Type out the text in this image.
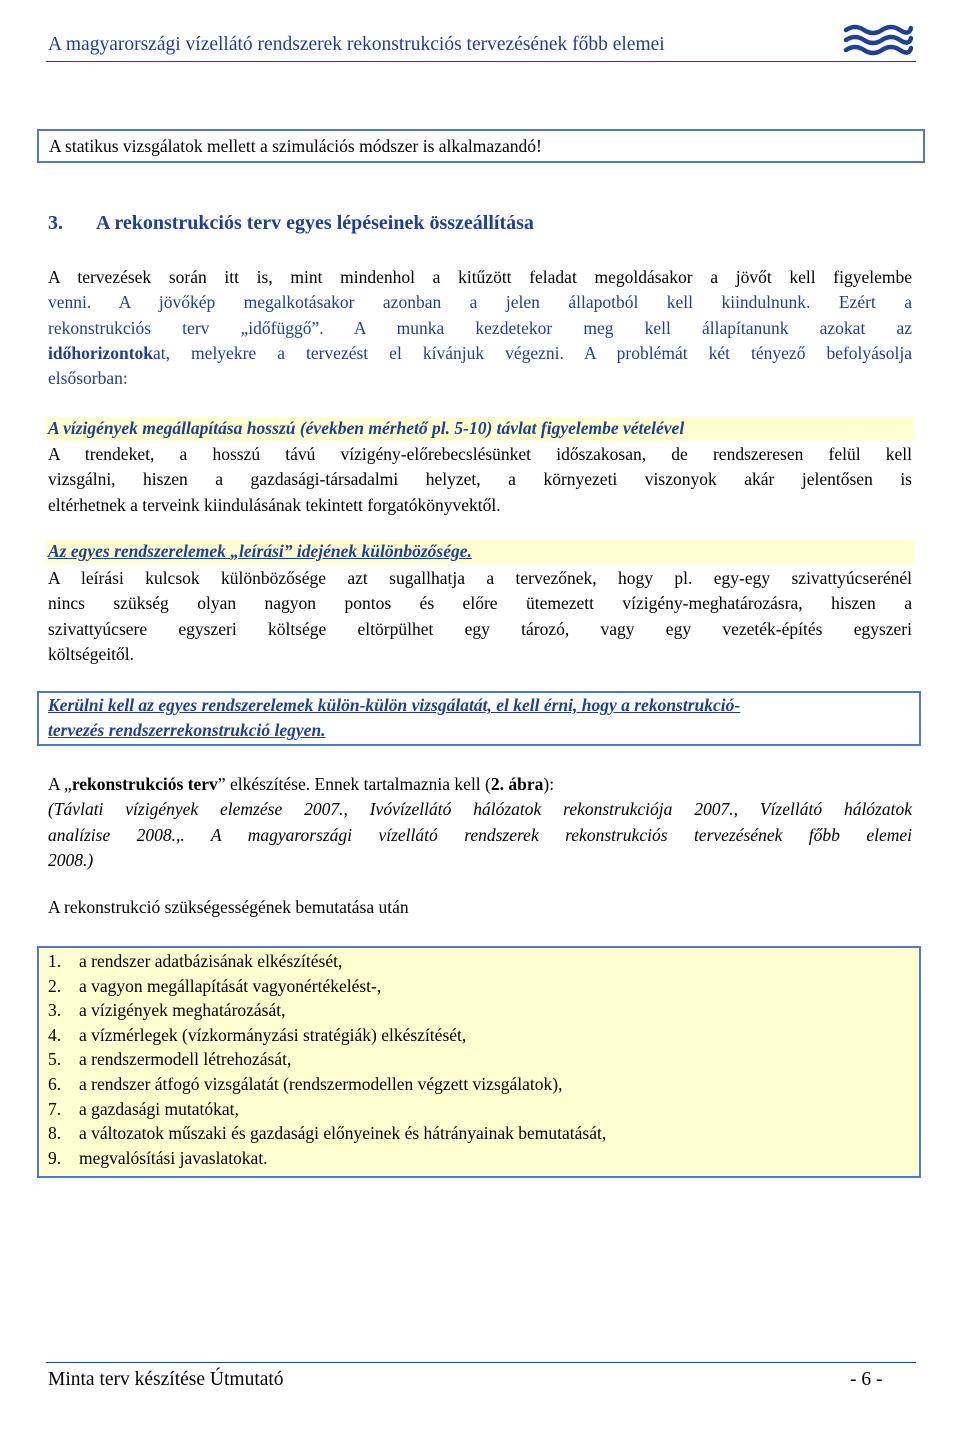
A magyarországi vízellátó rendszerek rekonstrukciós tervezésének főbb elemei
A statikus vizsgálatok mellett a szimulációs módszer is alkalmazandó!
3. A rekonstrukciós terv egyes lépéseinek összeállítása
A tervezések során itt is, mint mindenhol a kitűzött feladat megoldásakor a jövőt kell figyelembe
venni. A jövőkép megalkotásakor azonban a jelen állapotból kell kiindulnunk. Ezért a
rekonstrukciós terv „időfüggő”. A munka kezdetekor meg kell állapítanunk azokat az
időhorizontokat, melyekre a tervezést el kívánjuk végezni. A problémát két tényező befolyásolja
elsősorban:
A vízigények megállapítása hosszú (években mérhető pl. 5-10) távlat figyelembe vételével
A trendeket, a hosszú távú vízigény-előrebecslésünket időszakosan, de rendszeresen felül kell
vizsgálni, hiszen a gazdasági-társadalmi helyzet, a környezeti viszonyok akár jelentősen is
eltérhetnek a terveink kiindulásának tekintett forgatókönyvektől.
Az egyes rendszerelemek „leírási” idejének különbözősége.
A leírási kulcsok különbözősége azt sugallhatja a tervezőnek, hogy pl. egy-egy szivattyúcserénél
nincs szükség olyan nagyon pontos és előre ütemezett vízigény-meghatározásra, hiszen a
szivattyúcsere egyszeri költsége eltörpülhet egy tározó, vagy egy vezeték-építés egyszeri
költségeitől.
Kerülni kell az egyes rendszerelemek külön-külön vizsgálatát, el kell érni, hogy a rekonstrukció-
tervezés rendszerrekonstrukció legyen.
A „rekonstrukciós terv” elkészítése. Ennek tartalmaznia kell (2. ábra):
(Távlati vízigények elemzése 2007., Ivóvízellátó hálózatok rekonstrukciója 2007., Vízellátó hálózatok
analízise 2008.,. A magyarországi vízellátó rendszerek rekonstrukciós tervezésének főbb elemei
2008.)
A rekonstrukció szükségességének bemutatása után
1. a rendszer adatbázisának elkészítését,
2. a vagyon megállapítását vagyonértékelést-,
3. a vízigények meghatározását,
4. a vízmérlegek (vízkormányzási stratégiák) elkészítését,
5. a rendszermodell létrehozását,
6. a rendszer átfogó vizsgálatát (rendszermodellen végzett vizsgálatok),
7. a gazdasági mutatókat,
8. a változatok műszaki és gazdasági előnyeinek és hátrányainak bemutatását,
9. megvalósítási javaslatokat.
Minta terv készítése Útmutató	- 6 -
